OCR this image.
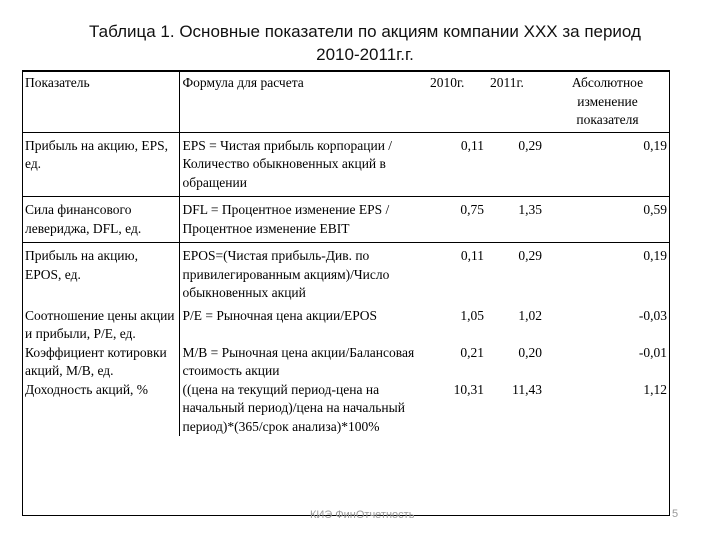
Таблица 1. Основные показатели по акциям компании ХХХ за период
2010-2011г.г.
Показатель	Формула для расчета	2010г.	2011г.	Абсолютное изменение показателя
Прибыль на акцию, EPS, ед.	EPS = Чистая прибыль корпорации / Количество обыкновенных акций в обращении	0,11	0,29	0,19
Сила финансового левериджа, DFL, ед.	DFL = Процентное изменение EPS / Процентное изменение EBIT	0,75	1,35	0,59
Прибыль на акцию, EPOS, ед.	EPOS=(Чистая прибыль-Див. по привилегированным акциям)/Число обыкновенных акций	0,11	0,29	0,19
Соотношение цены акции и прибыли, P/E, ед.	P/E = Рыночная цена акции/EPOS	1,05	1,02	-0,03
Коэффициент котировки акций, M/B, ед.	M/B = Рыночная цена акции/Балансовая стоимость акции	0,21	0,20	-0,01
Доходность акций, %	((цена на текущий период-цена на начальный период)/цена на начальный период)*(365/срок анализа)*100%	10,31	11,43	1,12
КИЭ ФинОтчетность	5
